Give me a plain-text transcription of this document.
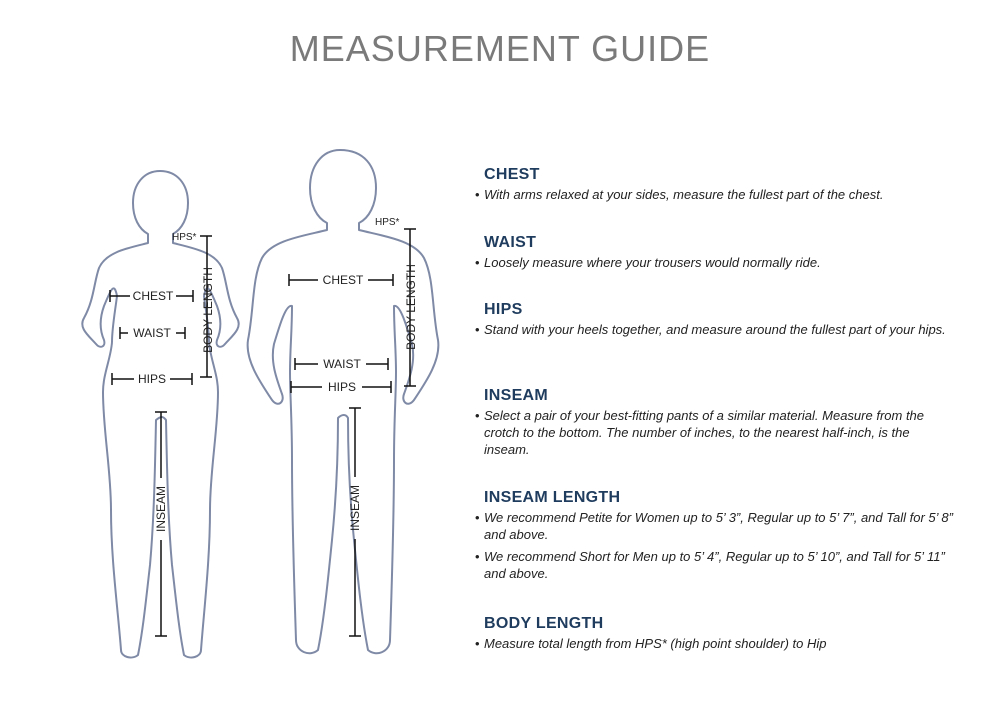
MEASUREMENT GUIDE
HPS*
CHEST
WAIST
HIPS
BODY LENGTH
INSEAM
HPS*
CHEST
WAIST
HIPS
BODY LENGTH
INSEAM
CHEST
• With arms relaxed at your sides, measure the fullest part of the chest.
WAIST
• Loosely measure where your trousers would normally ride.
HIPS
• Stand with your heels together, and measure around the fullest part of your hips.
INSEAM
• Select a pair of your best-fitting pants of a similar material. Measure from the crotch to the bottom. The number of inches, to the nearest half-inch, is the inseam.
INSEAM LENGTH
• We recommend Petite for Women up to 5’ 3”, Regular up to 5’ 7”, and Tall for 5’ 8” and above.
• We recommend Short for Men up to 5’ 4”, Regular up to 5’ 10”, and Tall for 5’ 11” and above.
BODY LENGTH
• Measure total length from HPS* (high point shoulder) to Hip
